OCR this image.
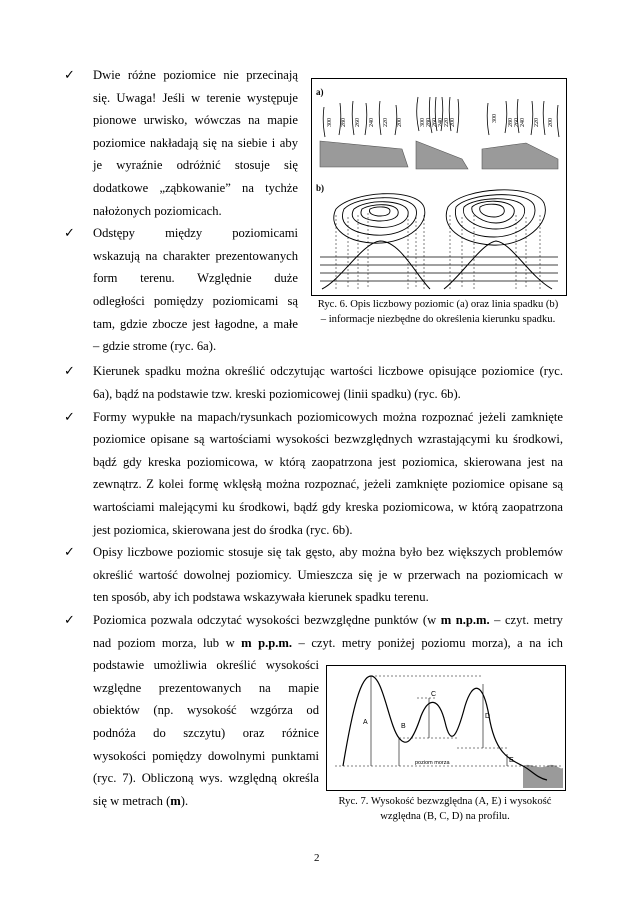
✓ Dwie różne poziomice nie przecinają
się. Uwaga! Jeśli w terenie występuje
pionowe urwisko, wówczas na mapie
poziomice nakładają się na siebie i aby
je wyraźnie odróżnić stosuje się
dodatkowe „ząbkowanie” na tychże
nałożonych poziomicach.
✓ Odstępy między poziomicami
wskazują na charakter prezentowanych
form terenu. Względnie duże
odległości pomiędzy poziomicami są
tam, gdzie zbocze jest łagodne, a małe
– gdzie strome (ryc. 6a).
a)
300 280 260 240 220 200	300 280 260 240 220 200	300 280 260 240 220 200
b)
Ryc. 6. Opis liczbowy poziomic (a) oraz linia spadku (b)
– informacje niezbędne do określenia kierunku spadku.
✓ Kierunek spadku można określić odczytując wartości liczbowe opisujące poziomice (ryc.
6a), bądź na podstawie tzw. kreski poziomicowej (linii spadku) (ryc. 6b).
✓ Formy wypukłe na mapach/rysunkach poziomicowych można rozpoznać jeżeli zamknięte
poziomice opisane są wartościami wysokości bezwzględnych wzrastającymi ku środkowi,
bądź gdy kreska poziomicowa, w którą zaopatrzona jest poziomica, skierowana jest na
zewnątrz. Z kolei formę wklęsłą można rozpoznać, jeżeli zamknięte poziomice opisane są
wartościami malejącymi ku środkowi, bądź gdy kreska poziomicowa, w którą zaopatrzona
jest poziomica, skierowana jest do środka (ryc. 6b).
✓ Opisy liczbowe poziomic stosuje się tak gęsto, aby można było bez większych problemów
określić wartość dowolnej poziomicy. Umieszcza się je w przerwach na poziomicach w
ten sposób, aby ich podstawa wskazywała kierunek spadku terenu.
✓ Poziomica pozwala odczytać wysokości bezwzględne punktów (w m n.p.m. – czyt. metry
nad poziom morza, lub w m p.p.m. – czyt. metry poniżej poziomu morza), a na ich
podstawie umożliwia określić wysokości
względne prezentowanych na mapie
obiektów (np. wysokość wzgórza od
podnóża do szczytu) oraz różnice
wysokości pomiędzy dowolnymi punktami
(ryc. 7). Obliczoną wys. względną określa
się w metrach (m).
A
B
C
D
E
poziom morza
Ryc. 7. Wysokość bezwzględna (A, E) i wysokość
względna (B, C, D) na profilu.
2
